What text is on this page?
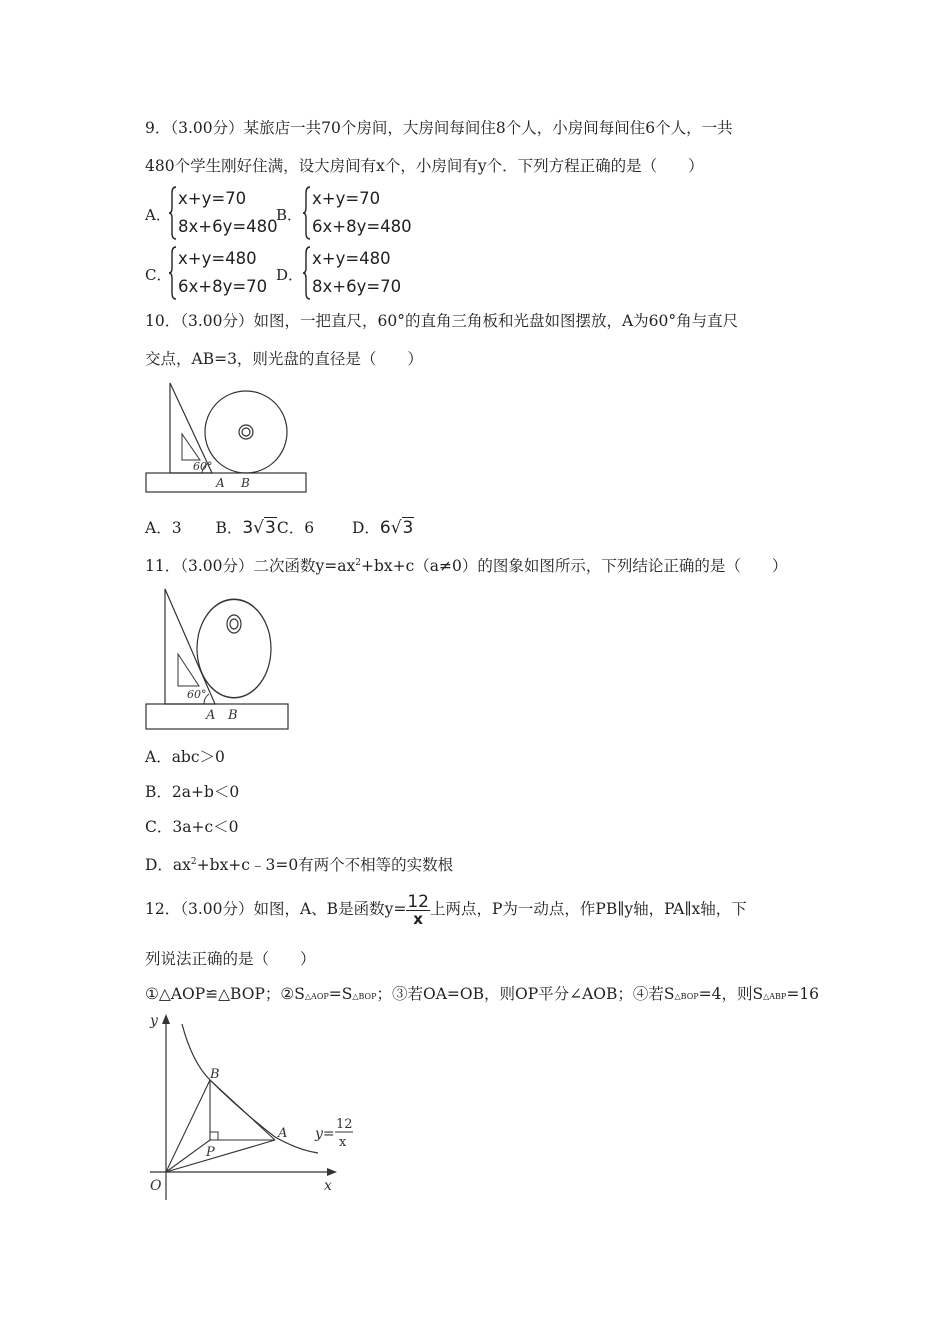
9．（3.00分）某旅店一共70个房间，大房间每间住8个人，小房间每间住6个人，一共
480个学生刚好住满，设大房间有x个，小房间有y个．下列方程正确的是（　　）
A．
x+y=70
8x+6y=480
B．
x+y=70
6x+8y=480
C．
x+y=480
6x+8y=70
D．
x+y=480
8x+6y=70
10．（3.00分）如图，一把直尺，60°的直角三角板和光盘如图摆放，A为60°角与直尺
交点，AB=3，则光盘的直径是（　　）
60°
A B
A．3 B．3√3C．6 D．6√3
11．（3.00分）二次函数$y=ax^2+bx+c(a\ne 0)$的图象如图所示，下列结论正确的是（　　）
60°
A B
A．abc＞0
B．2a+b＜0
C．3a+c＜0
D．$ax^2+bx+c﹣3=0$有两个不相等的实数根
12．（3.00分）如图，A、B是函数$y= \frac{12}{x}$ 上两点，P为一动点，作PB∥y轴，PA∥x轴，下
列说法正确的是（　　）
①△AOP≌△BOP；②S△AOP=S△BOP；③若OA=OB，则OP平分∠AOB；④若S△BOP=4，则S△ABP=16
y
x
O
B
A
P
y=
12
x
